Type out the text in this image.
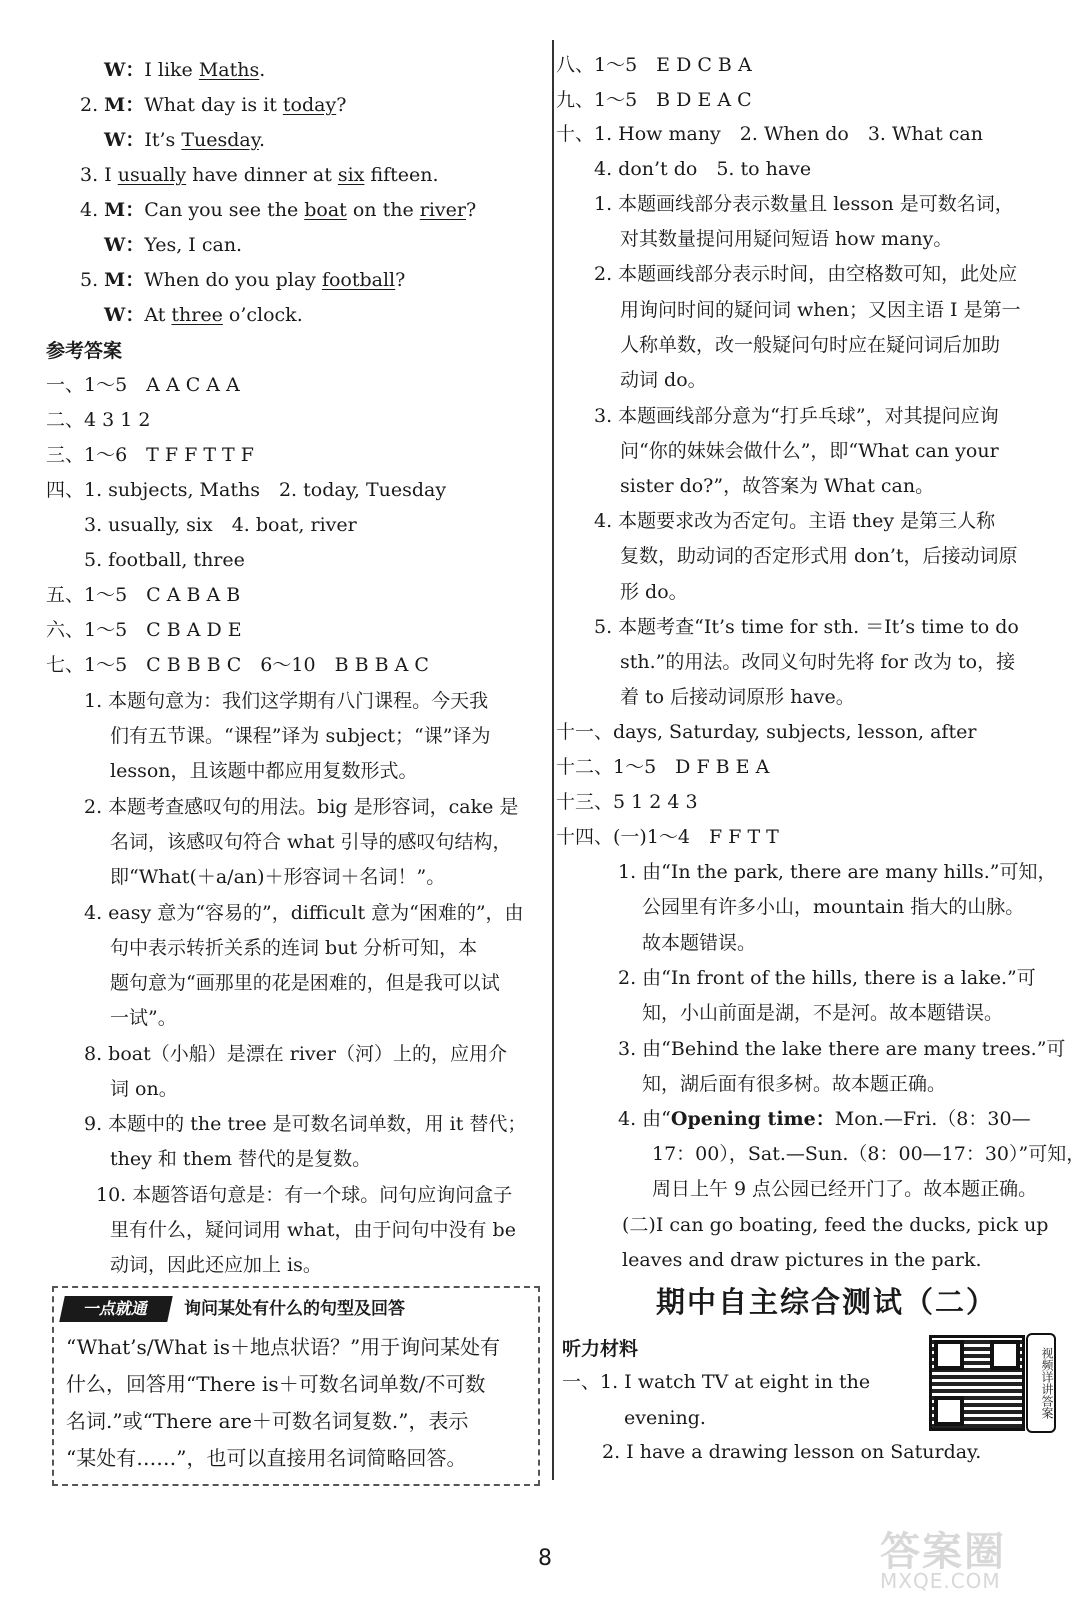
W：I like Maths.
2. M：What day is it today?
W：It’s Tuesday.
3. I usually have dinner at six fifteen.
4. M：Can you see the boat on the river?
W：Yes, I can.
5. M：When do you play football?
W：At three o’clock.
参考答案
一、1～5　A A C A A
二、4 3 1 2
三、1～6　T F F T T F
四、1. subjects, Maths　2. today, Tuesday
3. usually, six　4. boat, river
5. football, three
五、1～5　C A B A B
六、1～5　C B A D E
七、1～5　C B B B C　6～10　B B B A C
1. 本题句意为：我们这学期有八门课程。今天我
们有五节课。“课程”译为 subject；“课”译为
lesson，且该题中都应用复数形式。
2. 本题考查感叹句的用法。big 是形容词，cake 是
名词，该感叹句符合 what 引导的感叹句结构，
即“What(＋a/an)＋形容词＋名词！”。
4. easy 意为“容易的”，difficult 意为“困难的”，由
句中表示转折关系的连词 but 分析可知，本
题句意为“画那里的花是困难的，但是我可以试
一试”。
8. boat（小船）是漂在 river（河）上的，应用介
词 on。
9. 本题中的 the tree 是可数名词单数，用 it 替代；
they 和 them 替代的是复数。
10. 本题答语句意是：有一个球。问句应询问盒子
里有什么，疑问词用 what，由于问句中没有 be
动词，因此还应加上 is。
一点就通	询问某处有什么的句型及回答
“What’s/What is＋地点状语？”用于询问某处有
什么，回答用“There is＋可数名词单数/不可数
名词.”或“There are＋可数名词复数.”，表示
“某处有……”，也可以直接用名词简略回答。
八、1～5　E D C B A
九、1～5　B D E A C
十、1. How many　2. When do　3. What can
4. don’t do　5. to have
1. 本题画线部分表示数量且 lesson 是可数名词，
对其数量提问用疑问短语 how many。
2. 本题画线部分表示时间，由空格数可知，此处应
用询问时间的疑问词 when；又因主语 I 是第一
人称单数，改一般疑问句时应在疑问词后加助
动词 do。
3. 本题画线部分意为“打乒乓球”，对其提问应询
问“你的妹妹会做什么”，即“What can your
sister do?”，故答案为 What can。
4. 本题要求改为否定句。主语 they 是第三人称
复数，助动词的否定形式用 don’t，后接动词原
形 do。
5. 本题考查“It’s time for sth. ＝It’s time to do
sth.”的用法。改同义句时先将 for 改为 to，接
着 to 后接动词原形 have。
十一、days, Saturday, subjects, lesson, after
十二、1～5　D F B E A
十三、5 1 2 4 3
十四、(一)1～4　F F T T
1. 由“In the park, there are many hills.”可知，
公园里有许多小山，mountain 指大的山脉。
故本题错误。
2. 由“In front of the hills, there is a lake.”可
知，小山前面是湖，不是河。故本题错误。
3. 由“Behind the lake there are many trees.”可
知，湖后面有很多树。故本题正确。
4. 由“Opening time：Mon.—Fri.（8：30—
17：00），Sat.—Sun.（8：00—17：30）”可知，
周日上午 9 点公园已经开门了。故本题正确。
(二)I can go boating, feed the ducks, pick up
leaves and draw pictures in the park.
期中自主综合测试（二）
听力材料
一、1. I watch TV at eight in the
evening.
2. I have a drawing lesson on Saturday.
视频详讲答案
8	答案圈
MXQE.COM
